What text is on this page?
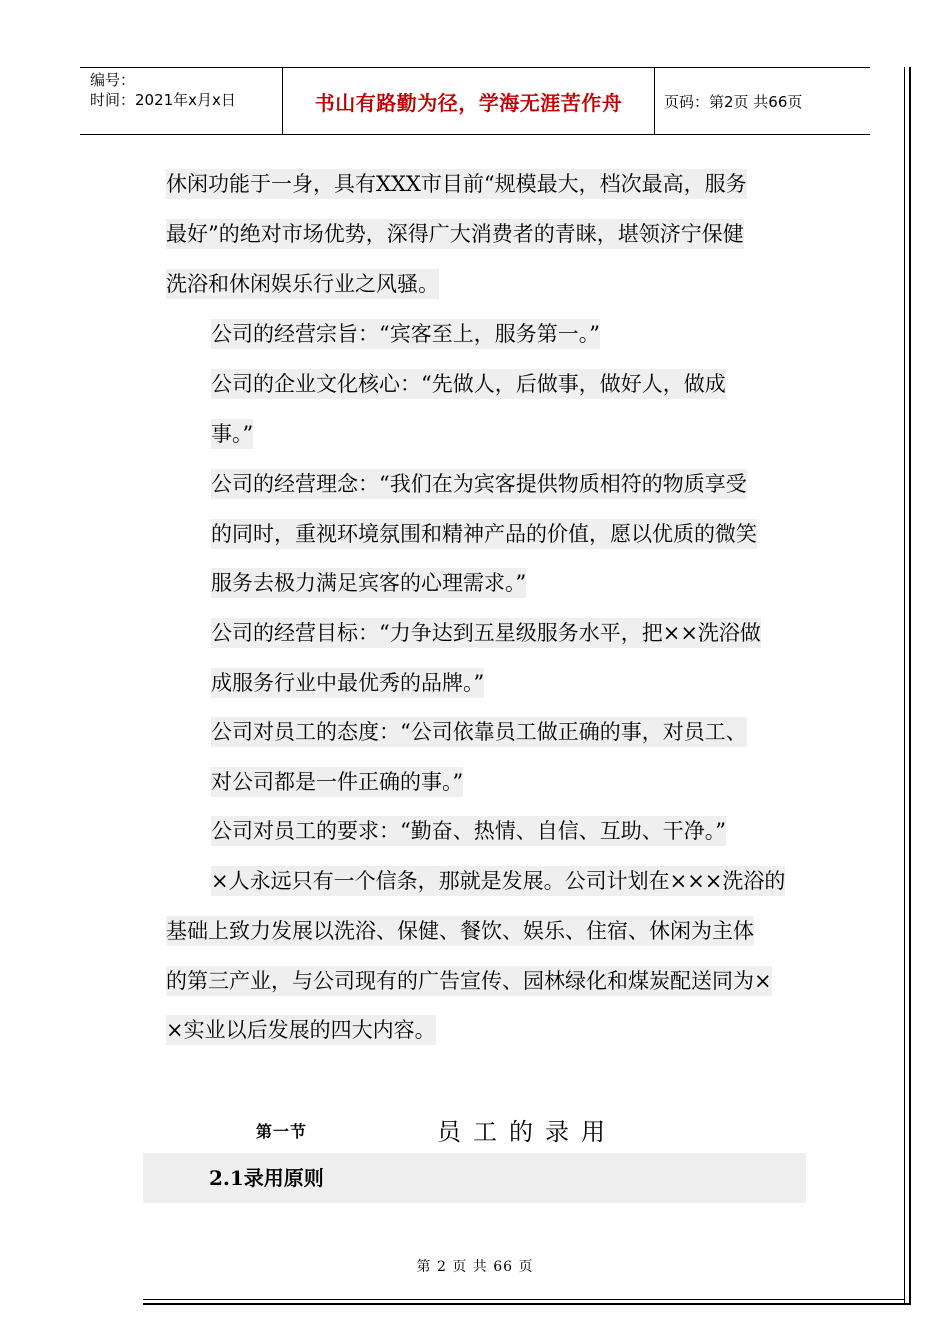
编号：
时间：2021年x月x日	书山有路勤为径，学海无涯苦作舟	页码：第2页 共66页
休闲功能于一身，具有XXX市目前“规模最大，档次最高，服务
最好”的绝对市场优势，深得广大消费者的青睐，堪领济宁保健
洗浴和休闲娱乐行业之风骚。
公司的经营宗旨：“宾客至上，服务第一。”
公司的企业文化核心：“先做人，后做事，做好人，做成
事。”
公司的经营理念：“我们在为宾客提供物质相符的物质享受
的同时，重视环境氛围和精神产品的价值，愿以优质的微笑
服务去极力满足宾客的心理需求。”
公司的经营目标：“力争达到五星级服务水平，把××洗浴做
成服务行业中最优秀的品牌。”
公司对员工的态度：“公司依靠员工做正确的事，对员工、
对公司都是一件正确的事。”
公司对员工的要求：“勤奋、热情、自信、互助、干净。”
×人永远只有一个信条，那就是发展。公司计划在×××洗浴的
基础上致力发展以洗浴、保健、餐饮、娱乐、住宿、休闲为主体
的第三产业，与公司现有的广告宣传、园林绿化和煤炭配送同为×
×实业以后发展的四大内容。
第一节	员工的录用
2.1录用原则
第 2 页 共 66 页
